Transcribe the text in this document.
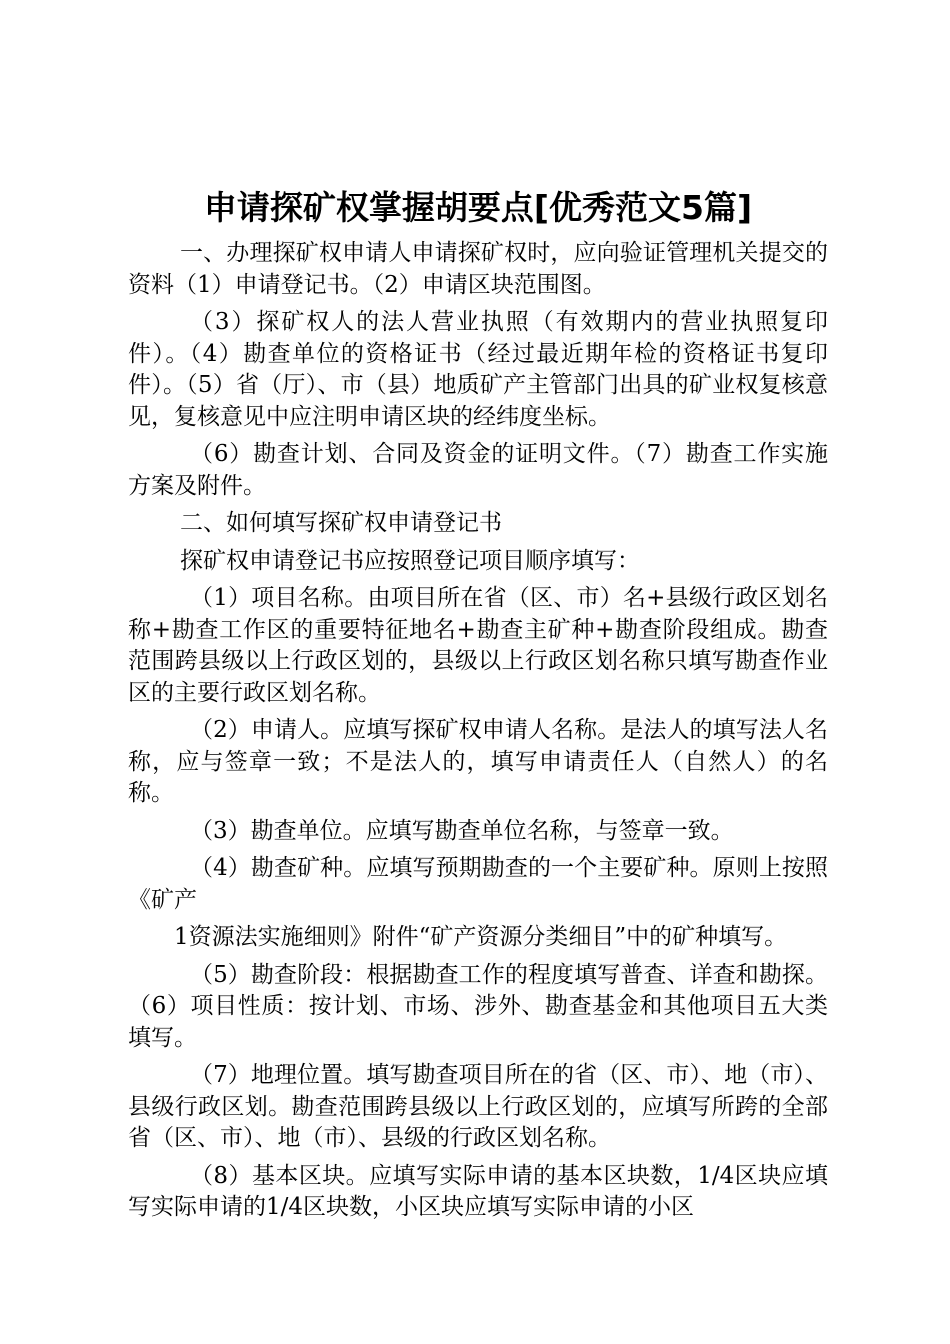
申请探矿权掌握胡要点[优秀范文5篇]

一、办理探矿权申请人申请探矿权时，应向验证管理机关提交的资料（1）申请登记书。（2）申请区块范围图。

（3）探矿权人的法人营业执照（有效期内的营业执照复印件）。（4）勘查单位的资格证书（经过最近期年检的资格证书复印件）。（5）省（厅）、市（县）地质矿产主管部门出具的矿业权复核意见，复核意见中应注明申请区块的经纬度坐标。

（6）勘查计划、合同及资金的证明文件。（7）勘查工作实施方案及附件。

二、如何填写探矿权申请登记书

探矿权申请登记书应按照登记项目顺序填写：

（1）项目名称。由项目所在省（区、市）名+县级行政区划名称+勘查工作区的重要特征地名+勘查主矿种+勘查阶段组成。勘查范围跨县级以上行政区划的，县级以上行政区划名称只填写勘查作业区的主要行政区划名称。

（2）申请人。应填写探矿权申请人名称。是法人的填写法人名称，应与签章一致；不是法人的，填写申请责任人（自然人）的名称。

（3）勘查单位。应填写勘查单位名称，与签章一致。

（4）勘查矿种。应填写预期勘查的一个主要矿种。原则上按照《矿产

1资源法实施细则》附件“矿产资源分类细目”中的矿种填写。

（5）勘查阶段：根据勘查工作的程度填写普查、详查和勘探。（6）项目性质：按计划、市场、涉外、勘查基金和其他项目五大类填写。

（7）地理位置。填写勘查项目所在的省（区、市）、地（市）、县级行政区划。勘查范围跨县级以上行政区划的，应填写所跨的全部省（区、市）、地（市）、县级的行政区划名称。

（8）基本区块。应填写实际申请的基本区块数，1/4区块应填写实际申请的1/4区块数，小区块应填写实际申请的小区
